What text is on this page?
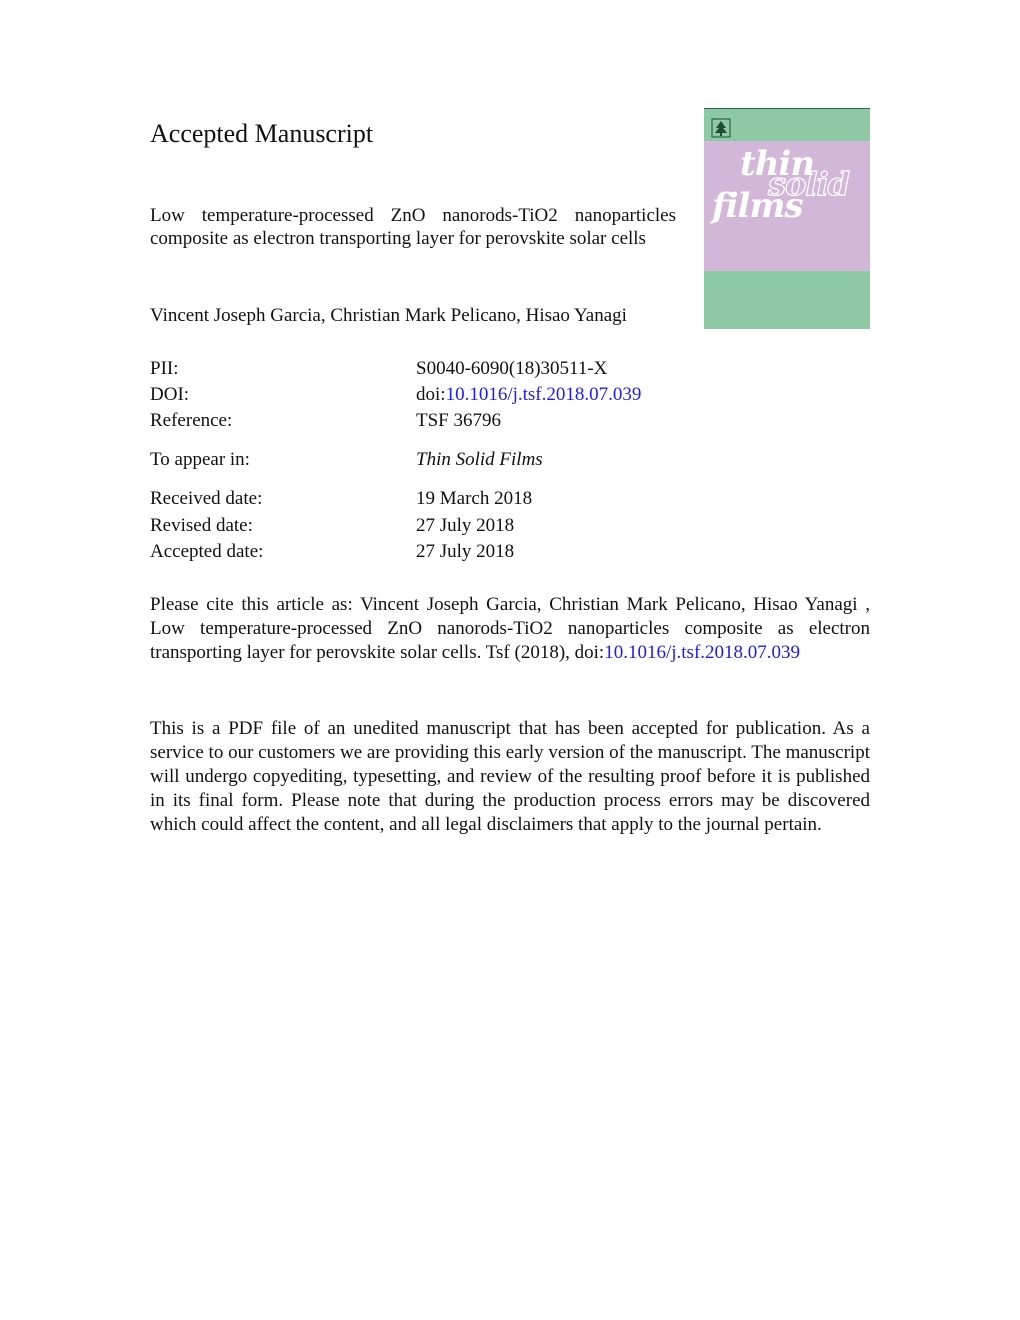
Accepted Manuscript
Low temperature-processed ZnO nanorods-TiO2 nanoparticles composite as electron transporting layer for perovskite solar cells
Vincent Joseph Garcia, Christian Mark Pelicano, Hisao Yanagi
thin
solid
films
PII:	S0040-6090(18)30511-X
DOI:	doi:10.1016/j.tsf.2018.07.039
Reference:	TSF 36796
To appear in:	Thin Solid Films
Received date:	19 March 2018
Revised date:	27 July 2018
Accepted date:	27 July 2018

Please cite this article as: Vincent Joseph Garcia, Christian Mark Pelicano, Hisao Yanagi , Low temperature-processed ZnO nanorods-TiO2 nanoparticles composite as electron transporting layer for perovskite solar cells. Tsf (2018), doi:10.1016/j.tsf.2018.07.039

This is a PDF file of an unedited manuscript that has been accepted for publication. As a service to our customers we are providing this early version of the manuscript. The manuscript will undergo copyediting, typesetting, and review of the resulting proof before it is published in its final form. Please note that during the production process errors may be discovered which could affect the content, and all legal disclaimers that apply to the journal pertain.
